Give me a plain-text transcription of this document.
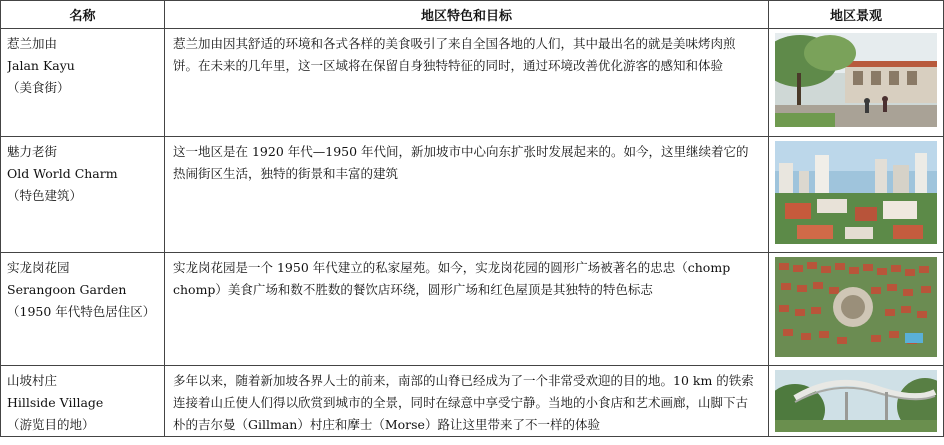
名称	地区特色和目标	地区景观

惹兰加由
Jalan Kayu
（美食街）	惹兰加由因其舒适的环境和各式各样的美食吸引了来自全国各地的人们，其中最出名的就是美味烤肉煎饼。在未来的几年里，这一区域将在保留自身独特特征的同时，通过环境改善优化游客的感知和体验	

魅力老街
Old World Charm
（特色建筑）	这一地区是在 1920 年代—1950 年代间，新加坡市中心向东扩张时发展起来的。如今，这里继续着它的热闹街区生活，独特的街景和丰富的建筑	

实龙岗花园
Serangoon Garden
（1950 年代特色居住区）	实龙岗花园是一个 1950 年代建立的私家屋苑。如今，实龙岗花园的圆形广场被著名的忠忠（chomp chomp）美食广场和数不胜数的餐饮店环绕，圆形广场和红色屋顶是其独特的特色标志	

山坡村庄
Hillside Village
（游览目的地）	多年以来，随着新加坡各界人士的前来，南部的山脊已经成为了一个非常受欢迎的目的地。10 km 的铁索连接着山丘使人们得以欣赏到城市的全景，同时在绿意中享受宁静。当地的小食店和艺术画廊，山脚下古朴的吉尔曼（Gillman）村庄和摩士（Morse）路让这里带来了不一样的体验	
